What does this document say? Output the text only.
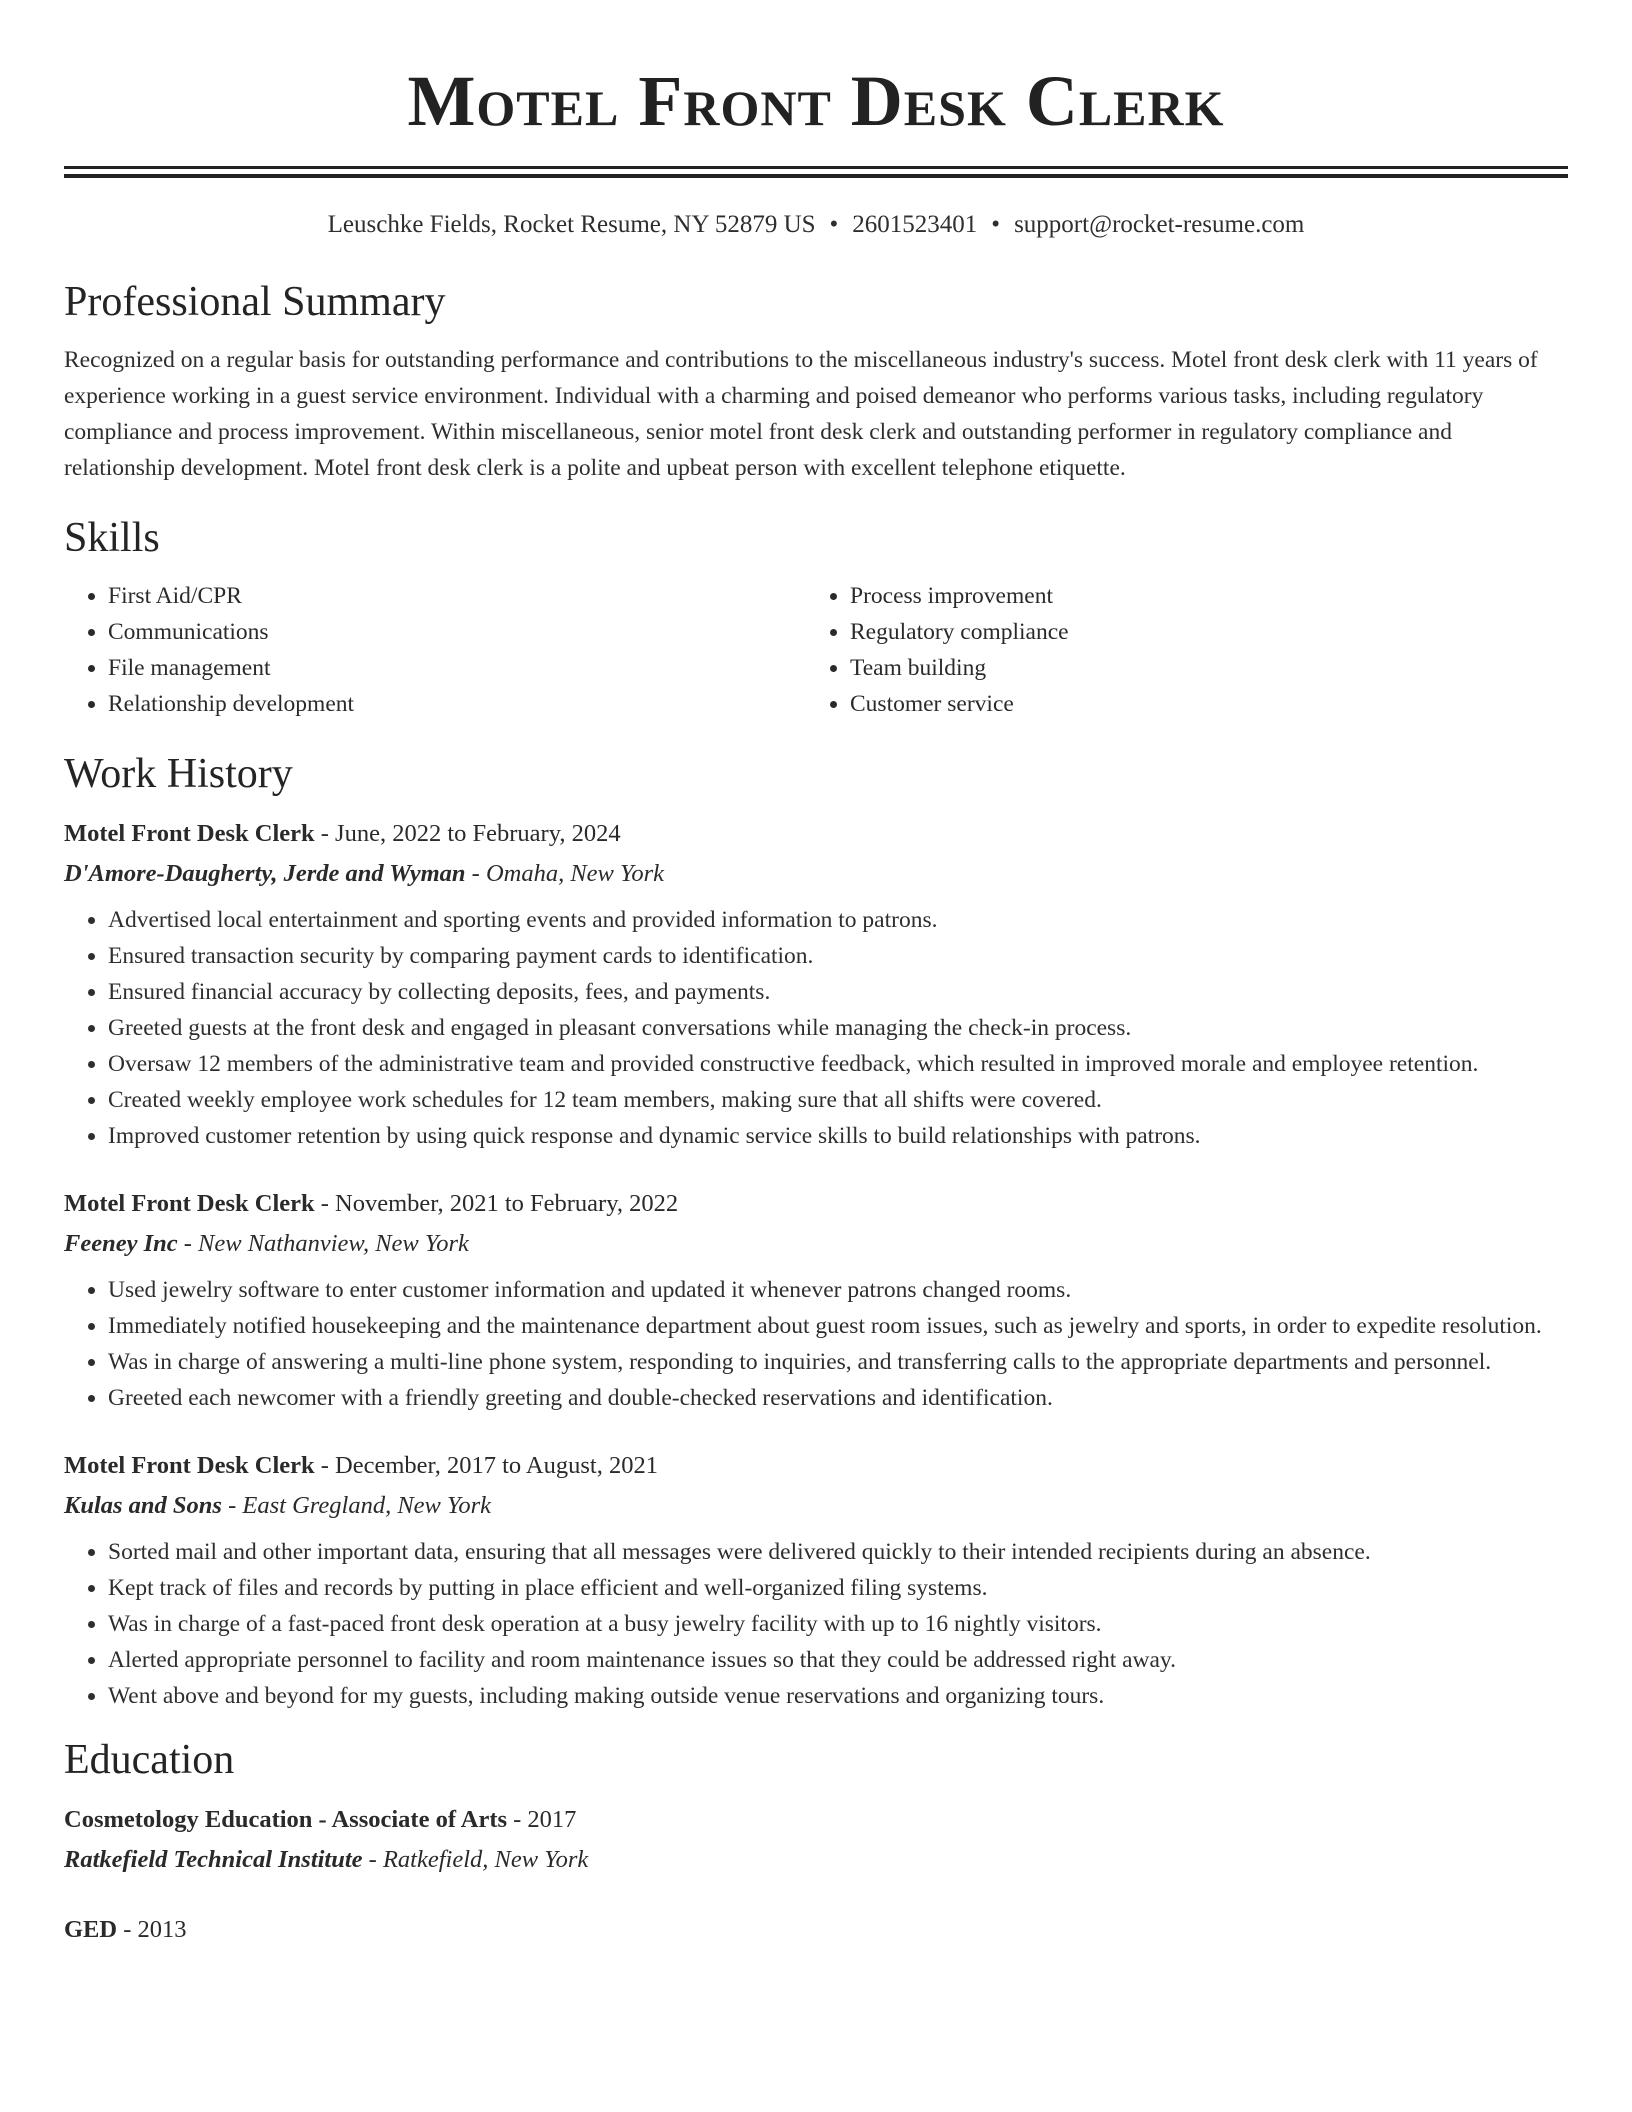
Motel Front Desk Clerk
Leuschke Fields, Rocket Resume, NY 52879 US • 2601523401 • support@rocket-resume.com
Professional Summary

Recognized on a regular basis for outstanding performance and contributions to the miscellaneous industry's success. Motel front desk clerk with 11 years of experience working in a guest service environment. Individual with a charming and poised demeanor who performs various tasks, including regulatory compliance and process improvement. Within miscellaneous, senior motel front desk clerk and outstanding performer in regulatory compliance and relationship development. Motel front desk clerk is a polite and upbeat person with excellent telephone etiquette.

Skills
• First Aid/CPR
• Communications
• File management
• Relationship development
• Process improvement
• Regulatory compliance
• Team building
• Customer service
Work History
Motel Front Desk Clerk - June, 2022 to February, 2024
D'Amore-Daugherty, Jerde and Wyman - Omaha, New York
• Advertised local entertainment and sporting events and provided information to patrons.
• Ensured transaction security by comparing payment cards to identification.
• Ensured financial accuracy by collecting deposits, fees, and payments.
• Greeted guests at the front desk and engaged in pleasant conversations while managing the check-in process.
• Oversaw 12 members of the administrative team and provided constructive feedback, which resulted in improved morale and employee retention.
• Created weekly employee work schedules for 12 team members, making sure that all shifts were covered.
• Improved customer retention by using quick response and dynamic service skills to build relationships with patrons.
Motel Front Desk Clerk - November, 2021 to February, 2022
Feeney Inc - New Nathanview, New York
• Used jewelry software to enter customer information and updated it whenever patrons changed rooms.
• Immediately notified housekeeping and the maintenance department about guest room issues, such as jewelry and sports, in order to expedite resolution.
• Was in charge of answering a multi-line phone system, responding to inquiries, and transferring calls to the appropriate departments and personnel.
• Greeted each newcomer with a friendly greeting and double-checked reservations and identification.
Motel Front Desk Clerk - December, 2017 to August, 2021
Kulas and Sons - East Gregland, New York
• Sorted mail and other important data, ensuring that all messages were delivered quickly to their intended recipients during an absence.
• Kept track of files and records by putting in place efficient and well-organized filing systems.
• Was in charge of a fast-paced front desk operation at a busy jewelry facility with up to 16 nightly visitors.
• Alerted appropriate personnel to facility and room maintenance issues so that they could be addressed right away.
• Went above and beyond for my guests, including making outside venue reservations and organizing tours.
Education
Cosmetology Education - Associate of Arts - 2017
Ratkefield Technical Institute - Ratkefield, New York
GED - 2013
